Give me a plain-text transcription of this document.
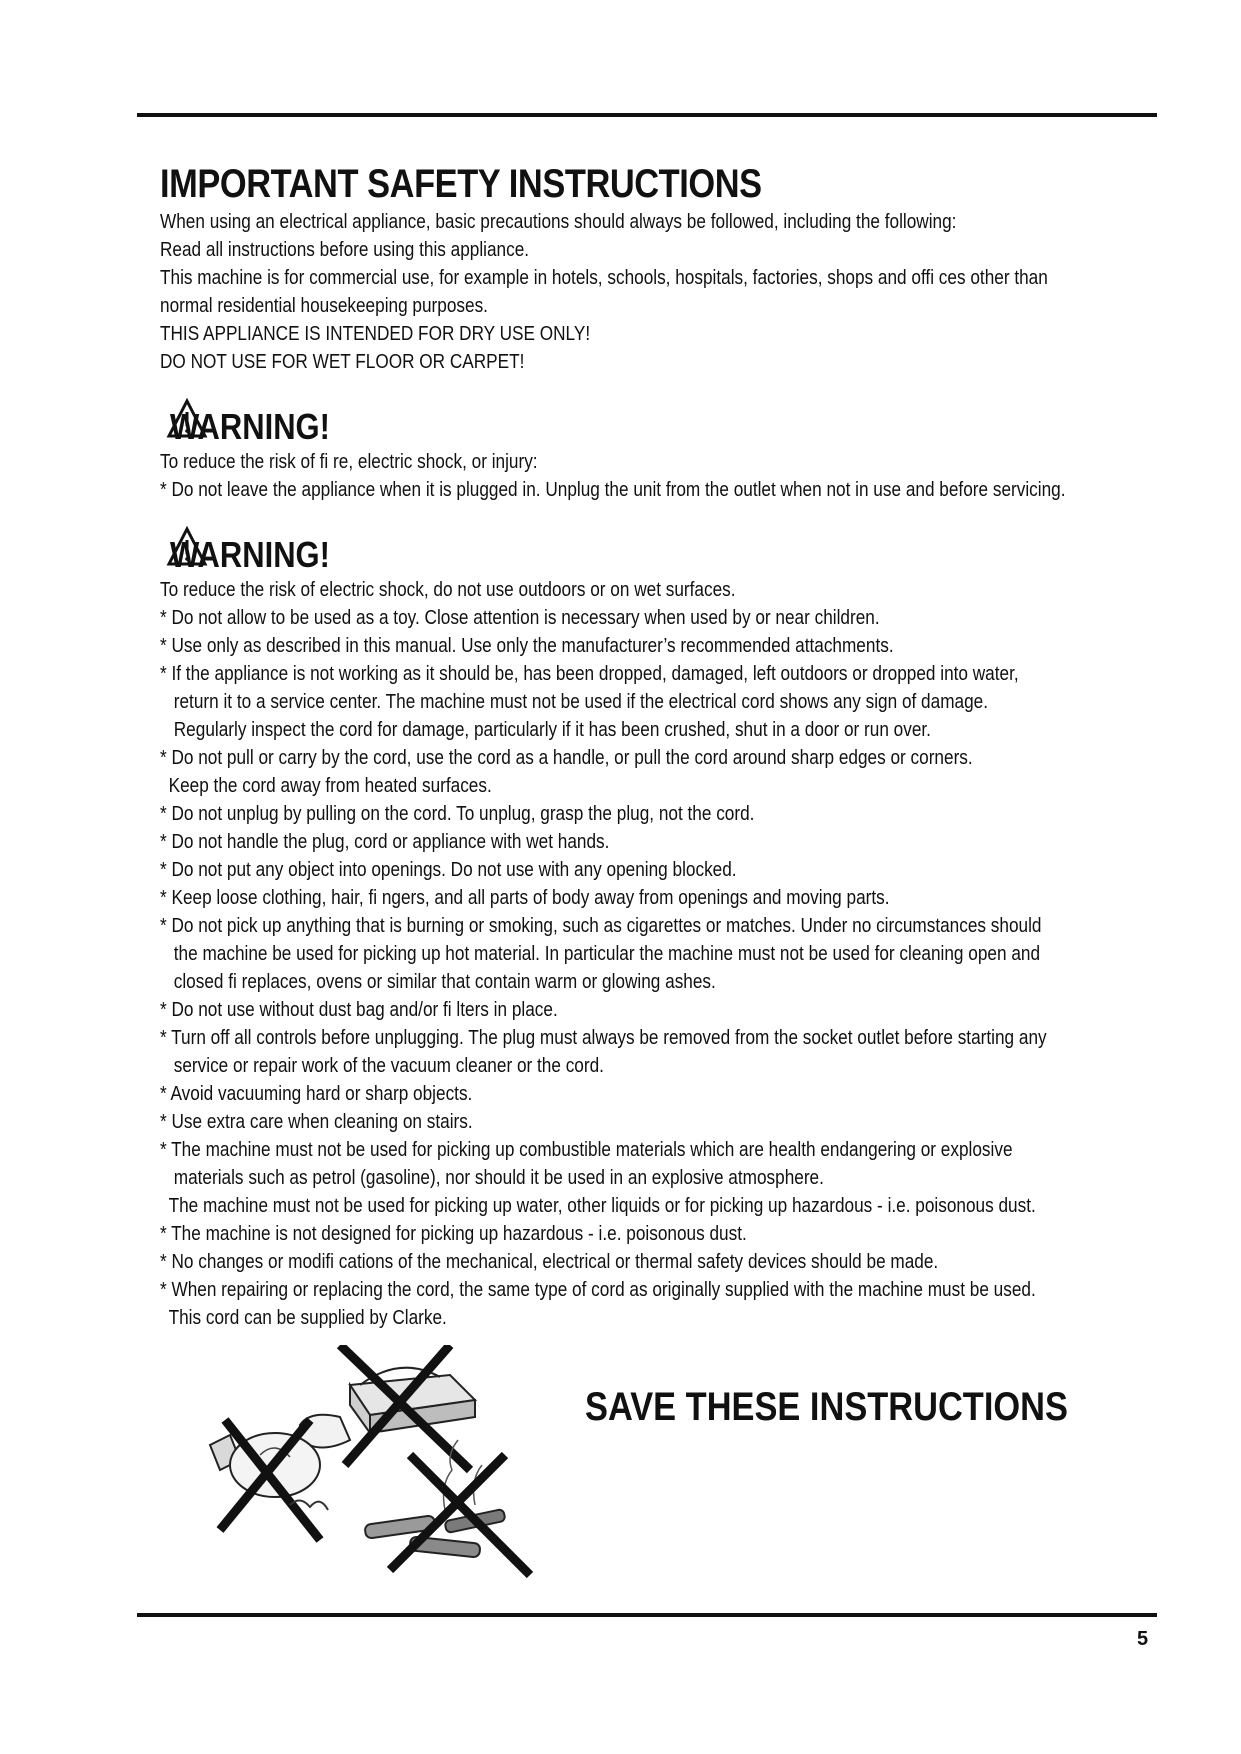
IMPORTANT SAFETY INSTRUCTIONS
When using an electrical appliance, basic precautions should always be followed, including the following:
Read all instructions before using this appliance.
This machine is for commercial use, for example in hotels, schools, hospitals, factories, shops and offi ces other than
normal residential housekeeping purposes.
THIS APPLIANCE IS INTENDED FOR DRY USE ONLY!
DO NOT USE FOR WET FLOOR OR CARPET!
WARNING!
To reduce the risk of fi re, electric shock, or injury:
* Do not leave the appliance when it is plugged in. Unplug the unit from the outlet when not in use and before servicing.
WARNING!
To reduce the risk of electric shock, do not use outdoors or on wet surfaces.
* Do not allow to be used as a toy. Close attention is necessary when used by or near children.
* Use only as described in this manual. Use only the manufacturer’s recommended attachments.
* If the appliance is not working as it should be, has been dropped, damaged, left outdoors or dropped into water,
return it to a service center. The machine must not be used if the electrical cord shows any sign of damage.
Regularly inspect the cord for damage, particularly if it has been crushed, shut in a door or run over.
* Do not pull or carry by the cord, use the cord as a handle, or pull the cord around sharp edges or corners.
Keep the cord away from heated surfaces.
* Do not unplug by pulling on the cord. To unplug, grasp the plug, not the cord.
* Do not handle the plug, cord or appliance with wet hands.
* Do not put any object into openings. Do not use with any opening blocked.
* Keep loose clothing, hair, fi ngers, and all parts of body away from openings and moving parts.
* Do not pick up anything that is burning or smoking, such as cigarettes or matches. Under no circumstances should
the machine be used for picking up hot material. In particular the machine must not be used for cleaning open and
closed fi replaces, ovens or similar that contain warm or glowing ashes.
* Do not use without dust bag and/or fi lters in place.
* Turn off all controls before unplugging. The plug must always be removed from the socket outlet before starting any
service or repair work of the vacuum cleaner or the cord.
* Avoid vacuuming hard or sharp objects.
* Use extra care when cleaning on stairs.
* The machine must not be used for picking up combustible materials which are health endangering or explosive
materials such as petrol (gasoline), nor should it be used in an explosive atmosphere.
The machine must not be used for picking up water, other liquids or for picking up hazardous - i.e. poisonous dust.
* The machine is not designed for picking up hazardous - i.e. poisonous dust.
* No changes or modifi cations of the mechanical, electrical or thermal safety devices should be made.
* When repairing or replacing the cord, the same type of cord as originally supplied with the machine must be used.
This cord can be supplied by Clarke.
SAVE THESE INSTRUCTIONS
5
